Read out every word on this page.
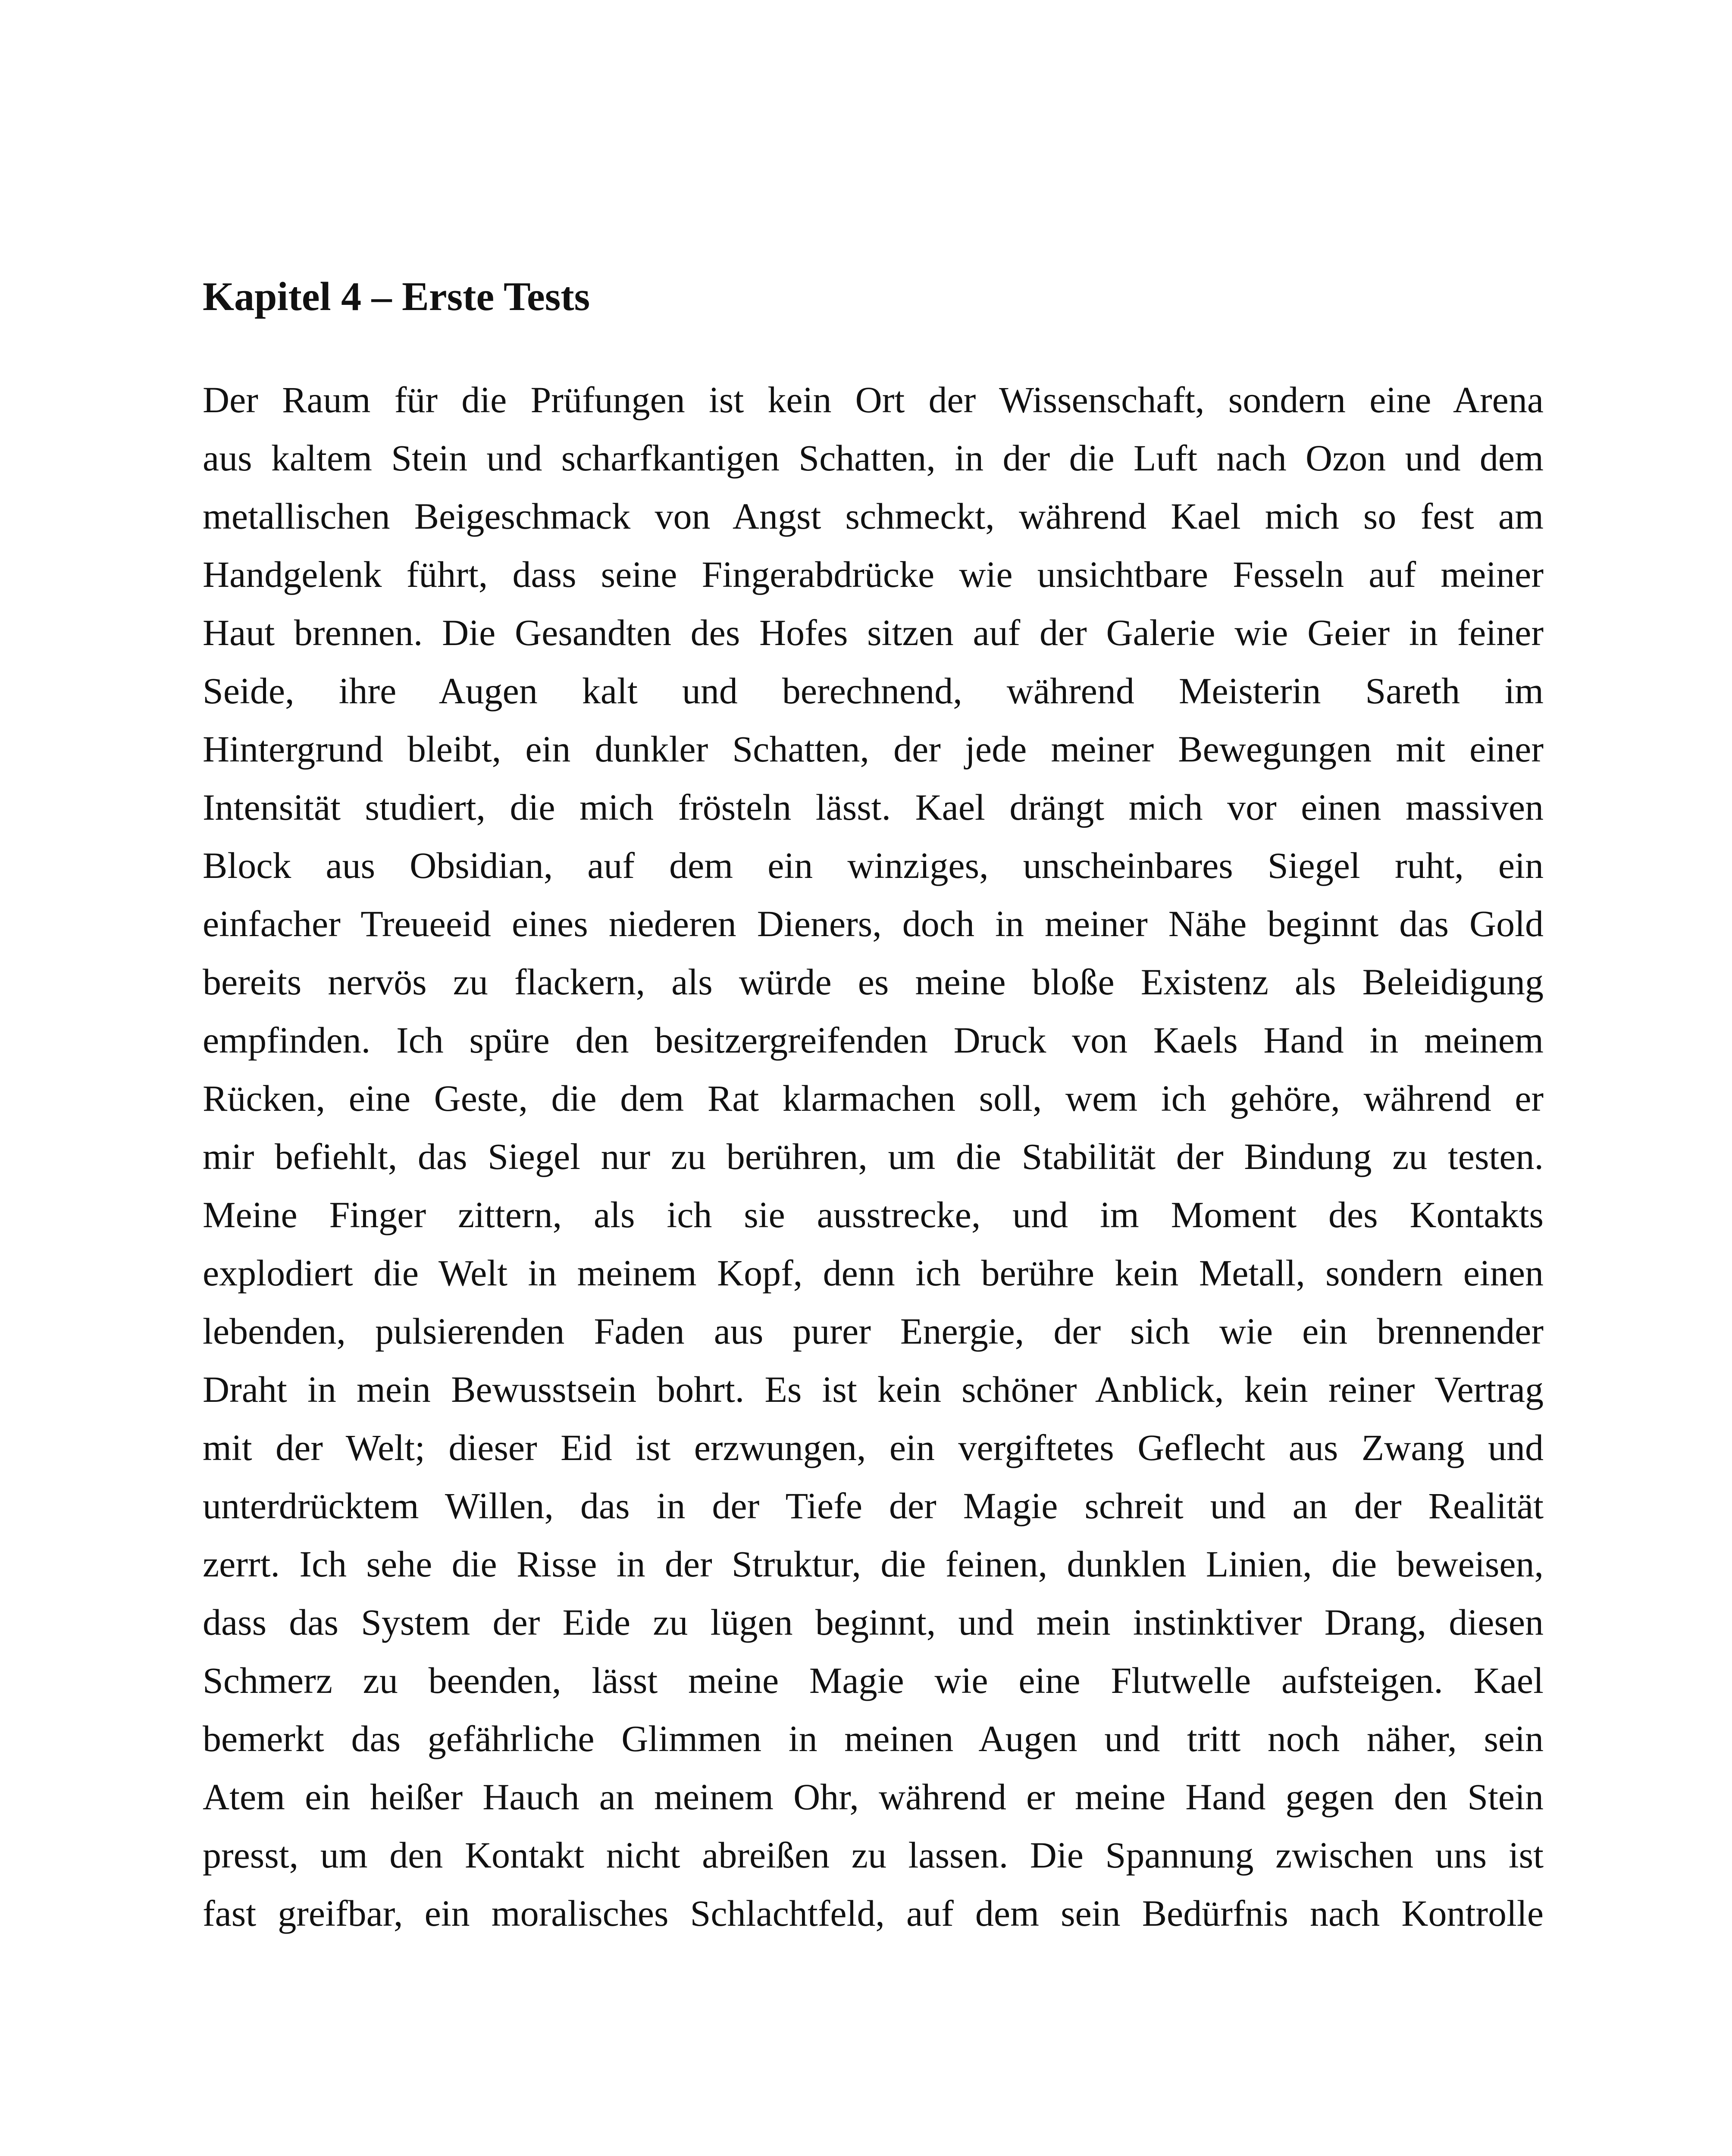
Kapitel 4 – Erste Tests
Der Raum für die Prüfungen ist kein Ort der Wissenschaft, sondern eine Arena
aus kaltem Stein und scharfkantigen Schatten, in der die Luft nach Ozon und dem
metallischen Beigeschmack von Angst schmeckt, während Kael mich so fest am
Handgelenk führt, dass seine Fingerabdrücke wie unsichtbare Fesseln auf meiner
Haut brennen. Die Gesandten des Hofes sitzen auf der Galerie wie Geier in feiner
Seide, ihre Augen kalt und berechnend, während Meisterin Sareth im
Hintergrund bleibt, ein dunkler Schatten, der jede meiner Bewegungen mit einer
Intensität studiert, die mich frösteln lässt. Kael drängt mich vor einen massiven
Block aus Obsidian, auf dem ein winziges, unscheinbares Siegel ruht, ein
einfacher Treueeid eines niederen Dieners, doch in meiner Nähe beginnt das Gold
bereits nervös zu flackern, als würde es meine bloße Existenz als Beleidigung
empfinden. Ich spüre den besitzergreifenden Druck von Kaels Hand in meinem
Rücken, eine Geste, die dem Rat klarmachen soll, wem ich gehöre, während er
mir befiehlt, das Siegel nur zu berühren, um die Stabilität der Bindung zu testen.
Meine Finger zittern, als ich sie ausstrecke, und im Moment des Kontakts
explodiert die Welt in meinem Kopf, denn ich berühre kein Metall, sondern einen
lebenden, pulsierenden Faden aus purer Energie, der sich wie ein brennender
Draht in mein Bewusstsein bohrt. Es ist kein schöner Anblick, kein reiner Vertrag
mit der Welt; dieser Eid ist erzwungen, ein vergiftetes Geflecht aus Zwang und
unterdrücktem Willen, das in der Tiefe der Magie schreit und an der Realität
zerrt. Ich sehe die Risse in der Struktur, die feinen, dunklen Linien, die beweisen,
dass das System der Eide zu lügen beginnt, und mein instinktiver Drang, diesen
Schmerz zu beenden, lässt meine Magie wie eine Flutwelle aufsteigen. Kael
bemerkt das gefährliche Glimmen in meinen Augen und tritt noch näher, sein
Atem ein heißer Hauch an meinem Ohr, während er meine Hand gegen den Stein
presst, um den Kontakt nicht abreißen zu lassen. Die Spannung zwischen uns ist
fast greifbar, ein moralisches Schlachtfeld, auf dem sein Bedürfnis nach Kontrolle
